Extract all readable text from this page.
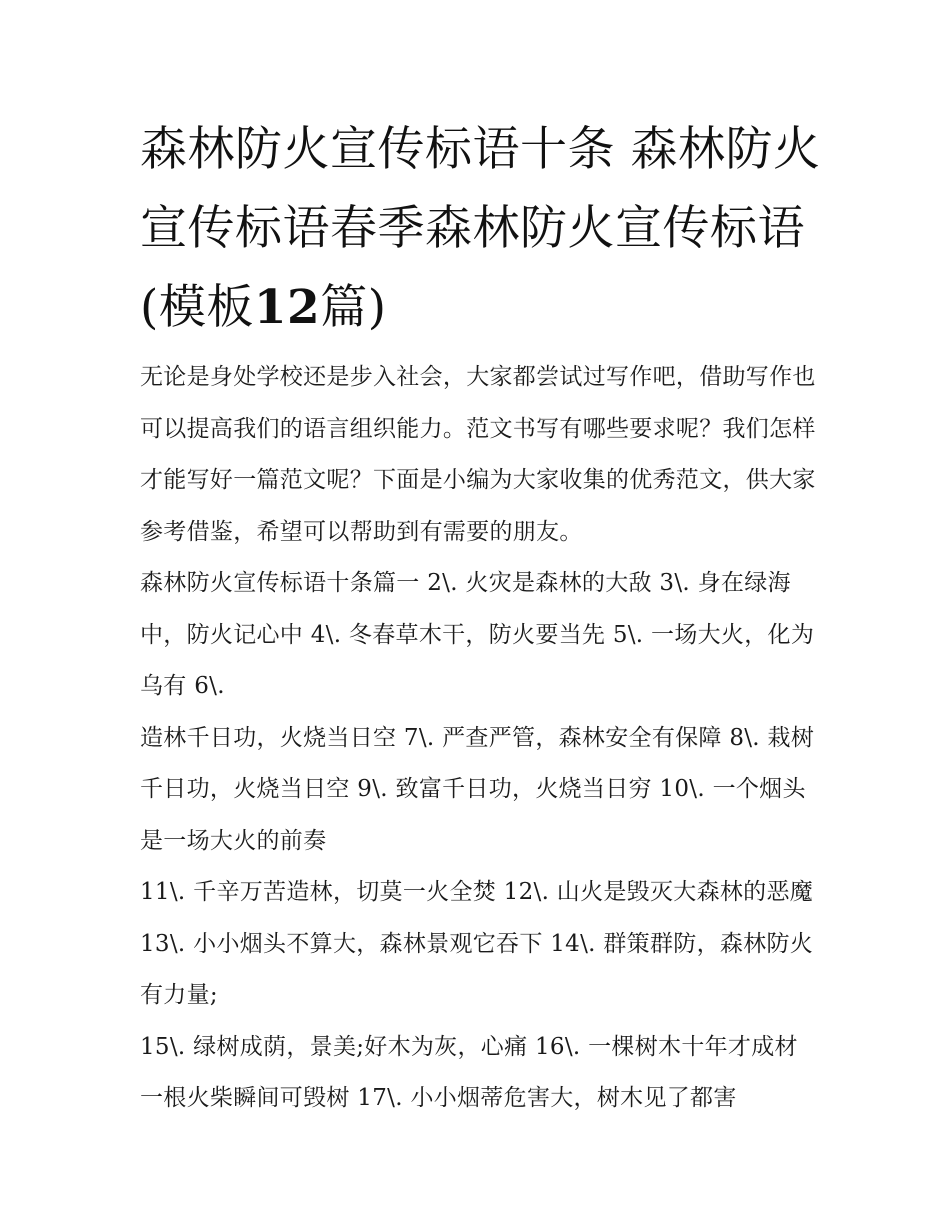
森林防火宣传标语十条 森林防火宣传标语春季森林防火宣传标语(模板12篇)

无论是身处学校还是步入社会，大家都尝试过写作吧，借助写作也可以提高我们的语言组织能力。范文书写有哪些要求呢？我们怎样才能写好一篇范文呢？下面是小编为大家收集的优秀范文，供大家参考借鉴，希望可以帮助到有需要的朋友。

森林防火宣传标语十条篇一 2\. 火灾是森林的大敌 3\. 身在绿海中，防火记心中 4\. 冬春草木干，防火要当先 5\. 一场大火，化为乌有 6\.

造林千日功，火烧当日空 7\. 严查严管，森林安全有保障 8\. 栽树千日功，火烧当日空 9\. 致富千日功，火烧当日穷 10\. 一个烟头是一场大火的前奏

11\. 千辛万苦造林，切莫一火全焚 12\. 山火是毁灭大森林的恶魔 13\. 小小烟头不算大，森林景观它吞下 14\. 群策群防，森林防火有力量;

15\. 绿树成荫，景美;好木为灰，心痛 16\. 一棵树木十年才成材 一根火柴瞬间可毁树 17\. 小小烟蒂危害大，树木见了都害
